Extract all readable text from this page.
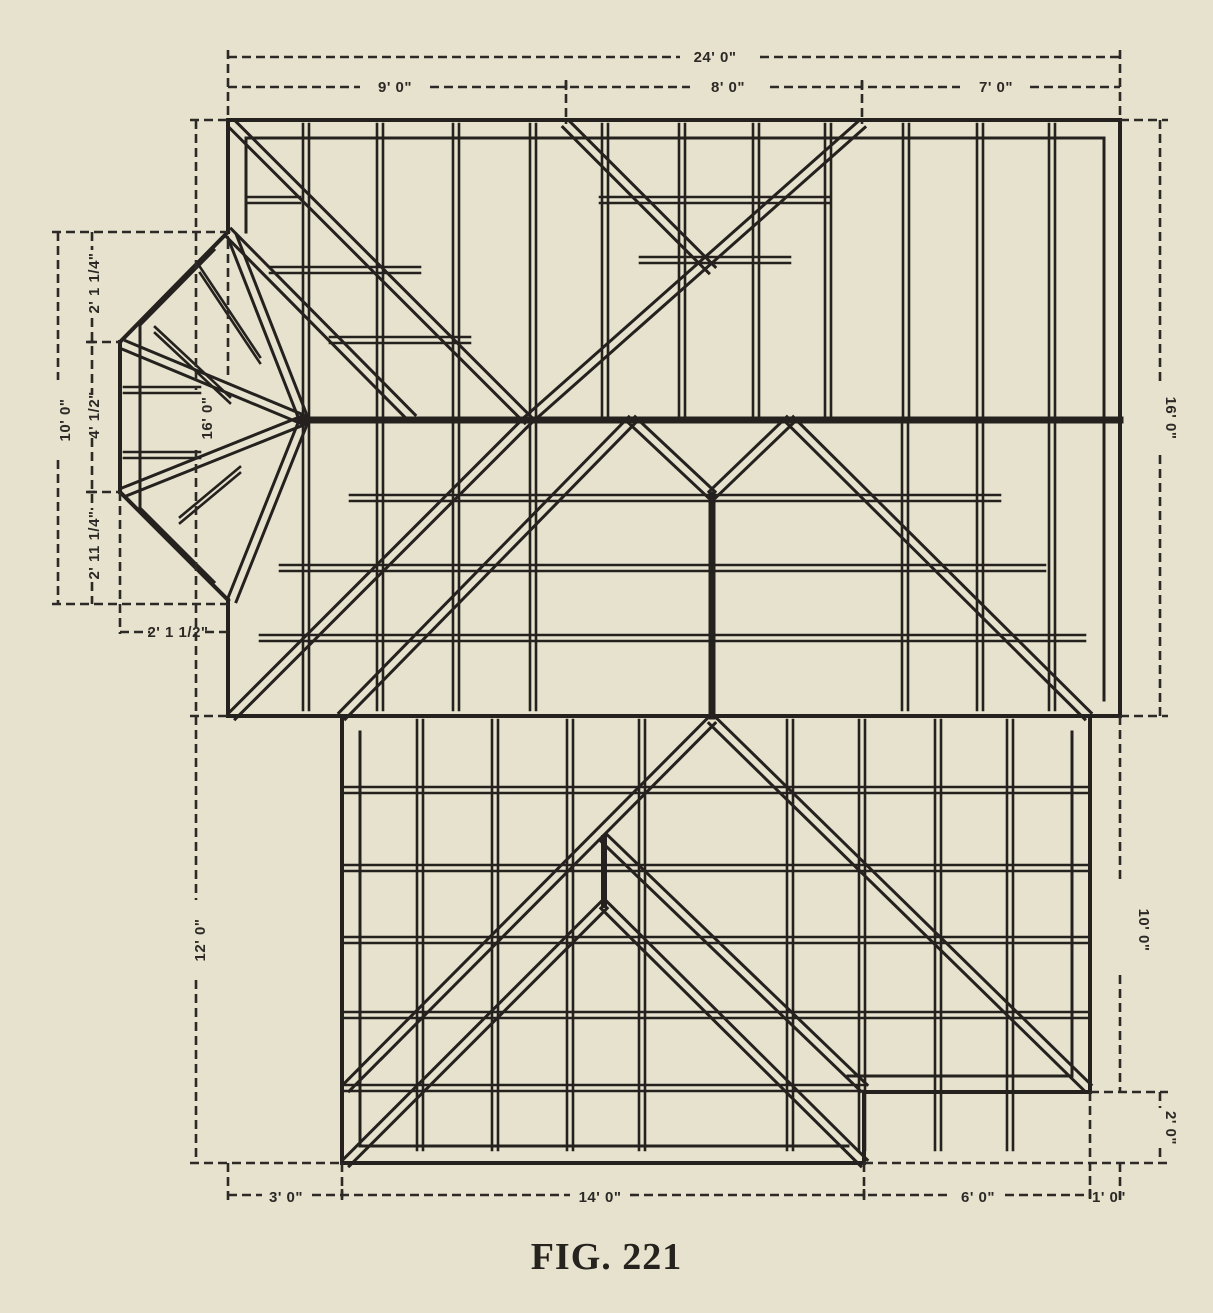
24' 0"
9' 0"	8' 0"	7' 0"
10' 0"
2' 1 1/4"
4' 1/2"
2' 11 1/4"
2' 1 1/2"
16' 0"	16' 0"
12' 0"	10' 0"
2' 0"
3' 0"	14' 0"	6' 0"	1' 0"
FIG. 221
